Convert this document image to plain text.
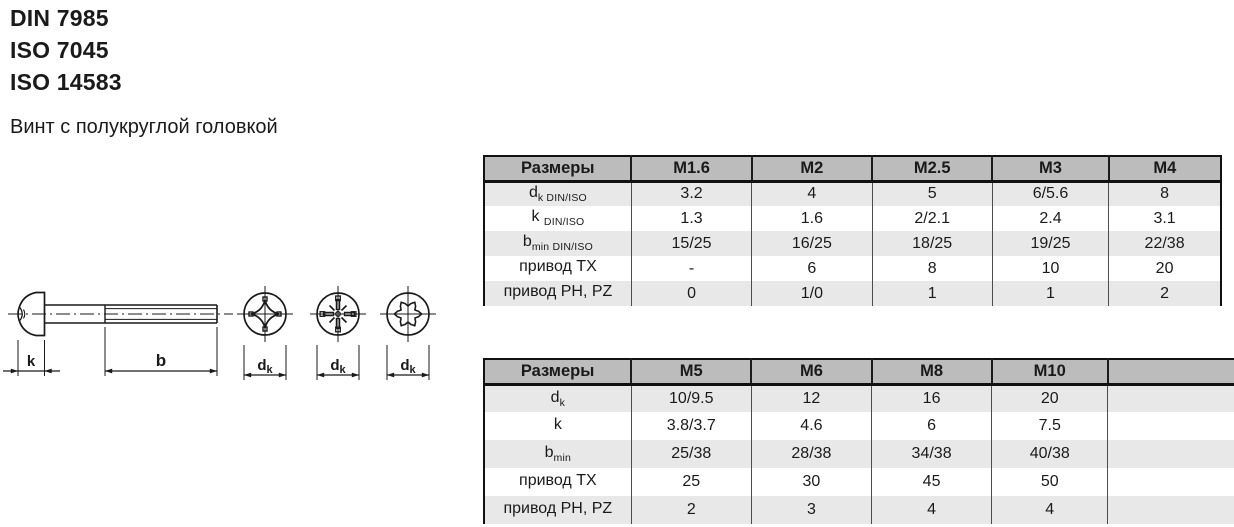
DIN 7985
ISO 7045
ISO 14583
Винт с полукруглой головкой
k	b	$d_k$	$d_k$	$d_k$
Размеры	M1.6	M2	M2.5	M3	M4
$d_{k DIN/ISO}$	3.2	4	5	6/5.6	8
k $_{DIN/ISO}$	1.3	1.6	2/2.1	2.4	3.1
$b_{min DIN/ISO}$	15/25	16/25	18/25	19/25	22/38
привод TX	-	6	8	10	20
привод PH, PZ	0	1/0	1	1	2
Размеры	M5	M6	M8	M10	
$d_k$	10/9.5	12	16	20	
k	3.8/3.7	4.6	6	7.5	
$b_{min}$	25/38	28/38	34/38	40/38	
привод TX	25	30	45	50	
привод PH, PZ	2	3	4	4	
